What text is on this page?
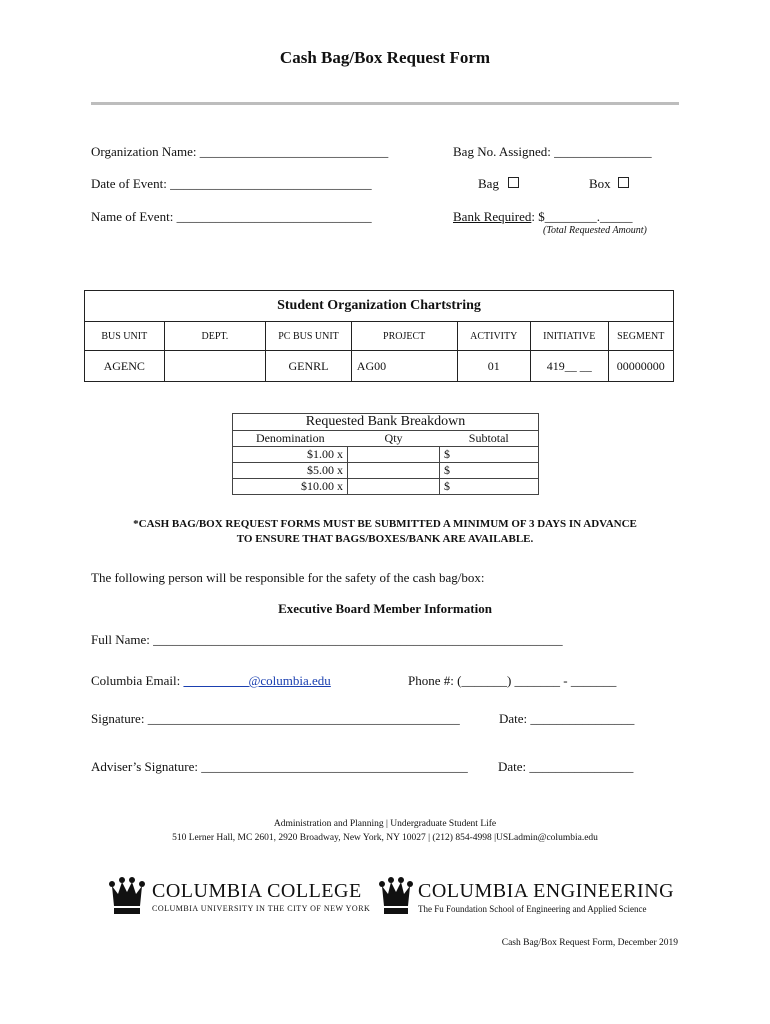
Cash Bag/Box Request Form
Organization Name: _____________________________	Bag No. Assigned: _______________
Date of Event: _______________________________	Bag	Box
Name of Event: ______________________________	Bank Required: $________._____
(Total Requested Amount)
Student Organization Chartstring						
BUS UNIT	DEPT.	PC BUS UNIT	PROJECT	ACTIVITY	INITIATIVE	SEGMENT
AGENC		GENRL	AG00	01	419__ __	00000000
Requested Bank Breakdown		
Denomination	Qty	Subtotal
$1.00 x		$
$5.00 x		$
$10.00 x		$
*CASH BAG/BOX REQUEST FORMS MUST BE SUBMITTED A MINIMUM OF 3 DAYS IN ADVANCE
TO ENSURE THAT BAGS/BOXES/BANK ARE AVAILABLE.
The following person will be responsible for the safety of the cash bag/box:
Executive Board Member Information
Full Name: _______________________________________________________________
Columbia Email:	@columbia.edu	Phone #: (_______) _______ - _______
Signature: ________________________________________________	Date: ________________
Adviser’s Signature: _________________________________________ Date: ________________
Administration and Planning | Undergraduate Student Life
510 Lerner Hall, MC 2601, 2920 Broadway, New York, NY 10027 | (212) 854-4998 |USLadmin@columbia.edu
COLUMBIA COLLEGE
COLUMBIA UNIVERSITY IN THE CITY OF NEW YORK
COLUMBIA ENGINEERING
The Fu Foundation School of Engineering and Applied Science
Cash Bag/Box Request Form, December 2019
